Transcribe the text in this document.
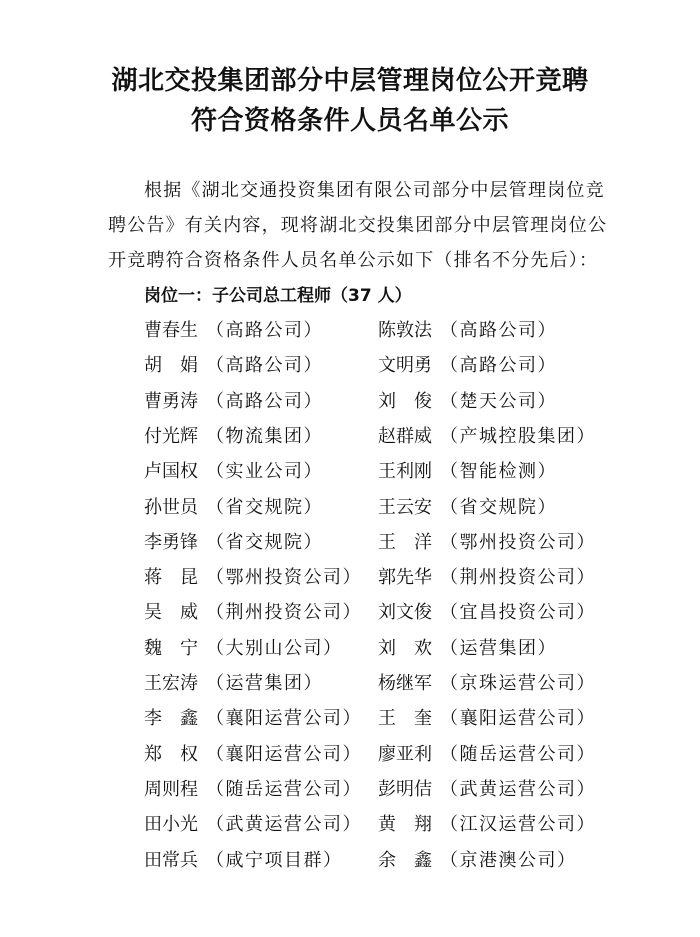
湖北交投集团部分中层管理岗位公开竞聘
符合资格条件人员名单公示
根据《湖北交通投资集团有限公司部分中层管理岗位竞
聘公告》有关内容，现将湖北交投集团部分中层管理岗位公
开竞聘符合资格条件人员名单公示如下（排名不分先后）：
岗位一：子公司总工程师（37 人）
曹春生 （高路公司）	陈敦法 （高路公司）
胡　娟 （高路公司）	文明勇 （高路公司）
曹勇涛 （高路公司）	刘　俊 （楚天公司）
付光辉 （物流集团）	赵群威 （产城控股集团）
卢国权 （实业公司）	王利刚 （智能检测）
孙世员 （省交规院）	王云安 （省交规院）
李勇锋 （省交规院）	王　洋 （鄂州投资公司）
蒋　昆 （鄂州投资公司） 郭先华 （荆州投资公司）
吴　威 （荆州投资公司） 刘文俊 （宜昌投资公司）
魏　宁 （大别山公司） 刘　欢 （运营集团）
王宏涛 （运营集团）	杨继军 （京珠运营公司）
李　鑫 （襄阳运营公司） 王　奎 （襄阳运营公司）
郑　权 （襄阳运营公司） 廖亚利 （随岳运营公司）
周则程 （随岳运营公司） 彭明佶 （武黄运营公司）
田小光 （武黄运营公司） 黄　翔 （江汉运营公司）
田常兵 （咸宁项目群） 余　鑫 （京港澳公司）
